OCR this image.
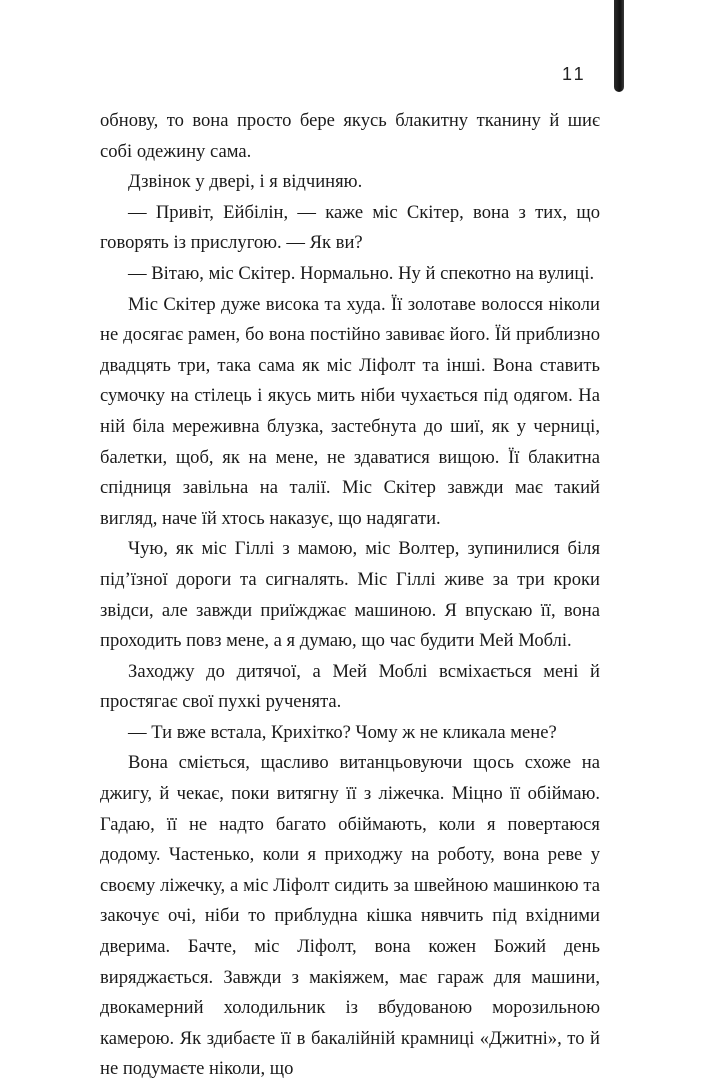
11

обнову, то вона просто бере якусь блакитну тканину й шиє собі одежину сама.

Дзвінок у двері, і я відчиняю.

— Привіт, Ейбілін, — каже міс Скітер, вона з тих, що говорять із прислугою. — Як ви?

— Вітаю, міс Скітер. Нормально. Ну й спекотно на вулиці.

Міс Скітер дуже висока та худа. Її золотаве волосся ніколи не досягає рамен, бо вона постійно завиває його. Їй приблизно двадцять три, така сама як міс Ліфолт та інші. Вона ставить сумочку на стілець і якусь мить ніби чухається під одягом. На ній біла мереживна блузка, застебнута до шиї, як у черниці, балетки, щоб, як на мене, не здаватися вищою. Її блакитна спідниця завільна на талії. Міс Скітер завжди має такий вигляд, наче їй хтось наказує, що надягати.

Чую, як міс Гіллі з мамою, міс Волтер, зупинилися біля під’їзної дороги та сигналять. Міс Гіллі живе за три кроки звідси, але завжди приїжджає машиною. Я впускаю її, вона проходить повз мене, а я думаю, що час будити Мей Моблі.

Заходжу до дитячої, а Мей Моблі всміхається мені й простягає свої пухкі рученята.

— Ти вже встала, Крихітко? Чому ж не кликала мене?

Вона сміється, щасливо витанцьовуючи щось схоже на джигу, й чекає, поки витягну її з ліжечка. Міцно її обіймаю. Гадаю, її не надто багато обіймають, коли я повертаюся додому. Частенько, коли я приходжу на роботу, вона реве у своєму ліжечку, а міс Ліфолт сидить за швейною машинкою та закочує очі, ніби то приблудна кішка нявчить під вхідними дверима. Бачте, міс Ліфолт, вона кожен Божий день виряджається. Завжди з макіяжем, має гараж для машини, двокамерний холодильник із вбудованою морозильною камерою. Як здибаєте її в бакалійній крамниці «Джитні», то й не подумаєте ніколи, що
